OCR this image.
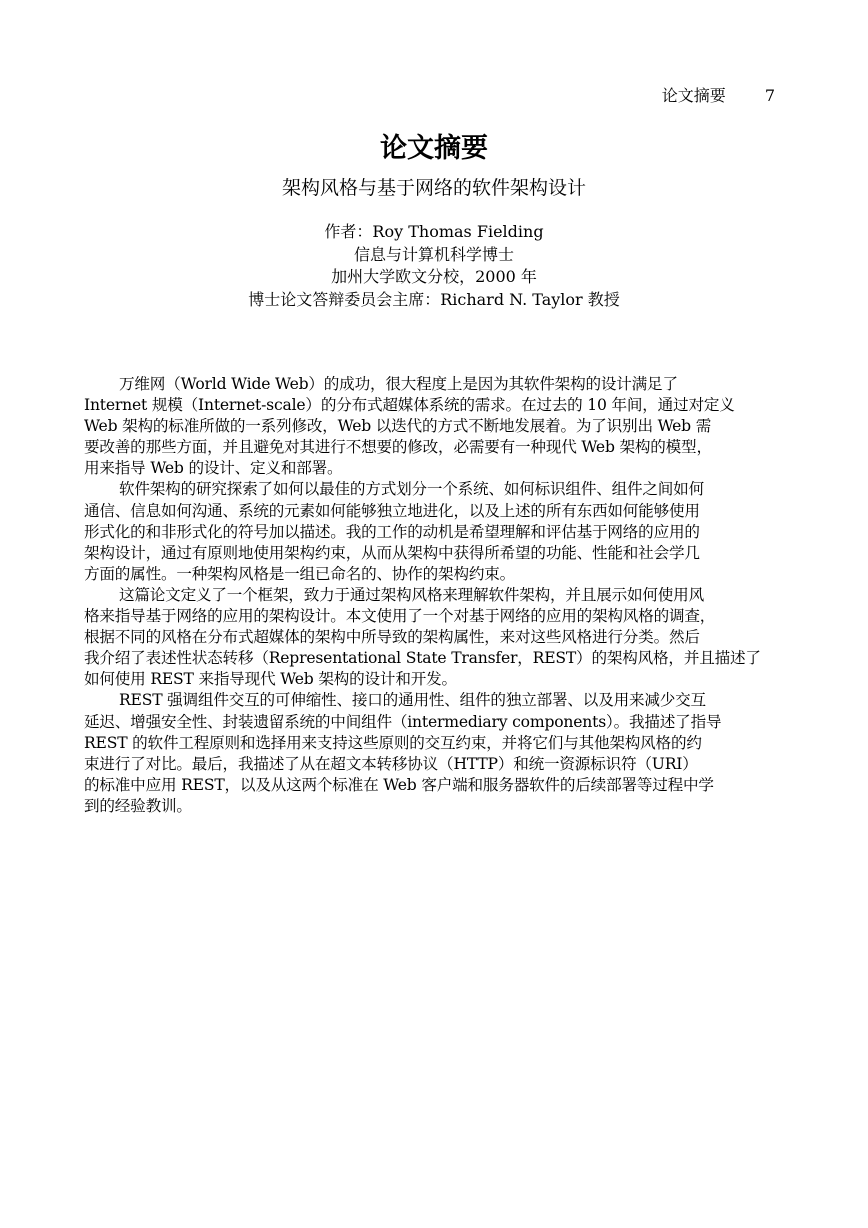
论文摘要 7
论文摘要
架构风格与基于网络的软件架构设计
作者：Roy Thomas Fielding
信息与计算机科学博士
加州大学欧文分校，2000 年
博士论文答辩委员会主席：Richard N. Taylor 教授

万维网（World Wide Web）的成功，很大程度上是因为其软件架构的设计满足了
Internet 规模（Internet-scale）的分布式超媒体系统的需求。在过去的 10 年间，通过对定义
Web 架构的标准所做的一系列修改，Web 以迭代的方式不断地发展着。为了识别出 Web 需
要改善的那些方面，并且避免对其进行不想要的修改，必需要有一种现代 Web 架构的模型，
用来指导 Web 的设计、定义和部署。

软件架构的研究探索了如何以最佳的方式划分一个系统、如何标识组件、组件之间如何
通信、信息如何沟通、系统的元素如何能够独立地进化，以及上述的所有东西如何能够使用
形式化的和非形式化的符号加以描述。我的工作的动机是希望理解和评估基于网络的应用的
架构设计，通过有原则地使用架构约束，从而从架构中获得所希望的功能、性能和社会学几
方面的属性。一种架构风格是一组已命名的、协作的架构约束。

这篇论文定义了一个框架，致力于通过架构风格来理解软件架构，并且展示如何使用风
格来指导基于网络的应用的架构设计。本文使用了一个对基于网络的应用的架构风格的调查，
根据不同的风格在分布式超媒体的架构中所导致的架构属性，来对这些风格进行分类。然后
我介绍了表述性状态转移（Representational State Transfer，REST）的架构风格，并且描述了
如何使用 REST 来指导现代 Web 架构的设计和开发。

REST 强调组件交互的可伸缩性、接口的通用性、组件的独立部署、以及用来减少交互
延迟、增强安全性、封装遗留系统的中间组件（intermediary components）。我描述了指导
REST 的软件工程原则和选择用来支持这些原则的交互约束，并将它们与其他架构风格的约
束进行了对比。最后，我描述了从在超文本转移协议（HTTP）和统一资源标识符（URI）
的标准中应用 REST，以及从这两个标准在 Web 客户端和服务器软件的后续部署等过程中学
到的经验教训。
